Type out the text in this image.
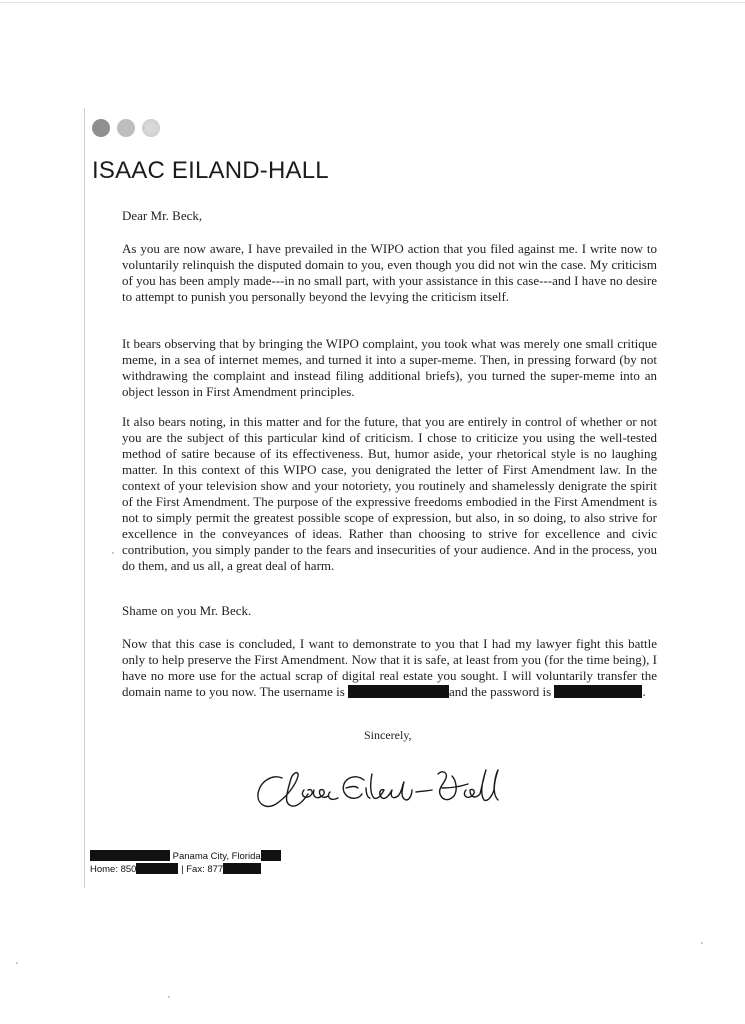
ISAAC EILAND-HALL
Dear Mr. Beck,
As you are now aware, I have prevailed in the WIPO action that you filed against me. I write now to voluntarily relinquish the disputed domain to you, even though you did not win the case. My criticism of you has been amply made---in no small part, with your assistance in this case---and I have no desire to attempt to punish you personally beyond the levying the criticism itself.
It bears observing that by bringing the WIPO complaint, you took what was merely one small critique meme, in a sea of internet memes, and turned it into a super-meme. Then, in pressing forward (by not withdrawing the complaint and instead filing additional briefs), you turned the super-meme into an object lesson in First Amendment principles.
It also bears noting, in this matter and for the future, that you are entirely in control of whether or not you are the subject of this particular kind of criticism. I chose to criticize you using the well-tested method of satire because of its effectiveness. But, humor aside, your rhetorical style is no laughing matter. In this context of this WIPO case, you denigrated the letter of First Amendment law. In the context of your television show and your notoriety, you routinely and shamelessly denigrate the spirit of the First Amendment. The purpose of the expressive freedoms embodied in the First Amendment is not to simply permit the greatest possible scope of expression, but also, in so doing, to also strive for excellence in the conveyances of ideas. Rather than choosing to strive for excellence and civic contribution, you simply pander to the fears and insecurities of your audience. And in the process, you do them, and us all, a great deal of harm.
Shame on you Mr. Beck.
Now that this case is concluded, I want to demonstrate to you that I had my lawyer fight this battle only to help preserve the First Amendment. Now that it is safe, at least from you (for the time being), I have no more use for the actual scrap of digital real estate you sought. I will voluntarily transfer the domain name to you now. The username is	and the password is	.
Sincerely,
Panama City, Florida
Home: 850	| Fax: 877
